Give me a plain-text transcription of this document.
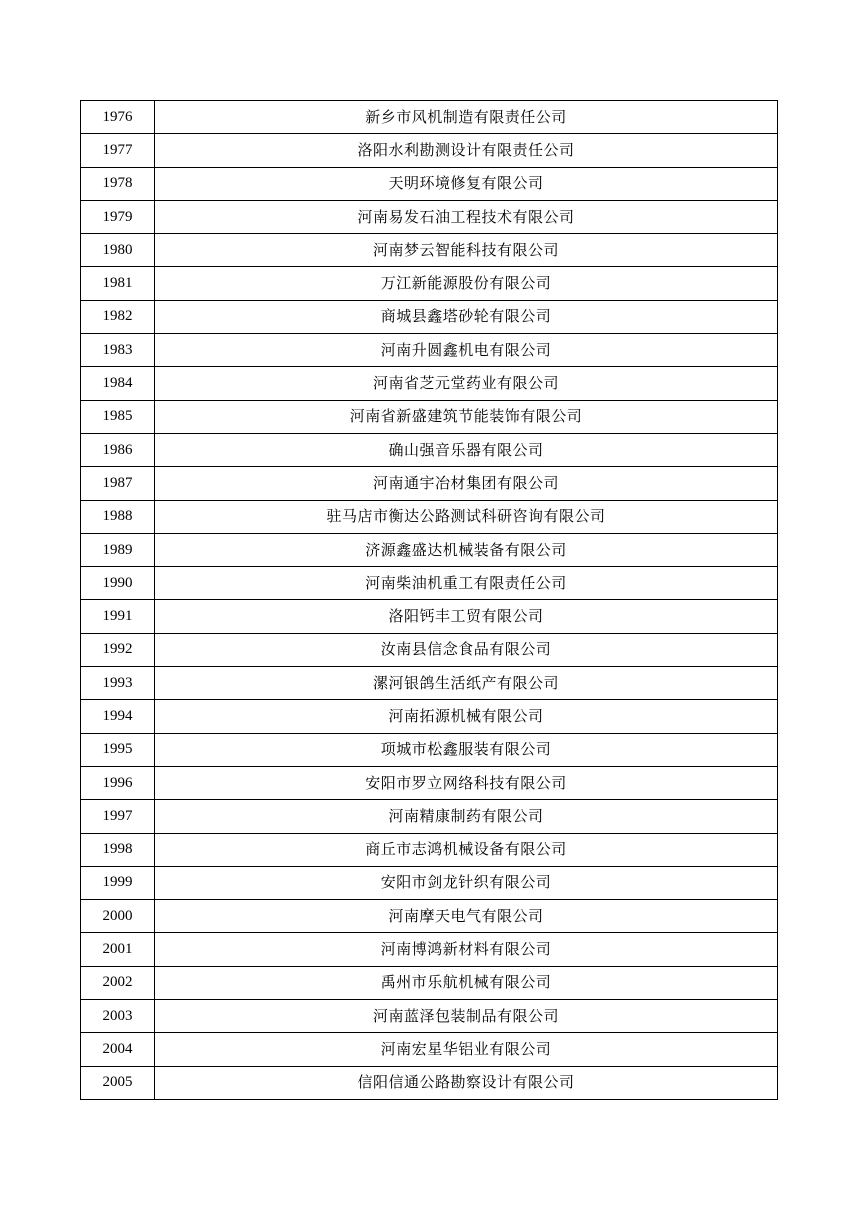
1976	新乡市风机制造有限责任公司
1977	洛阳水利勘测设计有限责任公司
1978	天明环境修复有限公司
1979	河南易发石油工程技术有限公司
1980	河南梦云智能科技有限公司
1981	万江新能源股份有限公司
1982	商城县鑫塔砂轮有限公司
1983	河南升圆鑫机电有限公司
1984	河南省芝元堂药业有限公司
1985	河南省新盛建筑节能装饰有限公司
1986	确山强音乐器有限公司
1987	河南通宇冶材集团有限公司
1988	驻马店市衡达公路测试科研咨询有限公司
1989	济源鑫盛达机械装备有限公司
1990	河南柴油机重工有限责任公司
1991	洛阳钙丰工贸有限公司
1992	汝南县信念食品有限公司
1993	漯河银鸽生活纸产有限公司
1994	河南拓源机械有限公司
1995	项城市松鑫服装有限公司
1996	安阳市罗立网络科技有限公司
1997	河南精康制药有限公司
1998	商丘市志鸿机械设备有限公司
1999	安阳市剑龙针织有限公司
2000	河南摩天电气有限公司
2001	河南博鸿新材料有限公司
2002	禹州市乐航机械有限公司
2003	河南蓝泽包装制品有限公司
2004	河南宏星华铝业有限公司
2005	信阳信通公路勘察设计有限公司
